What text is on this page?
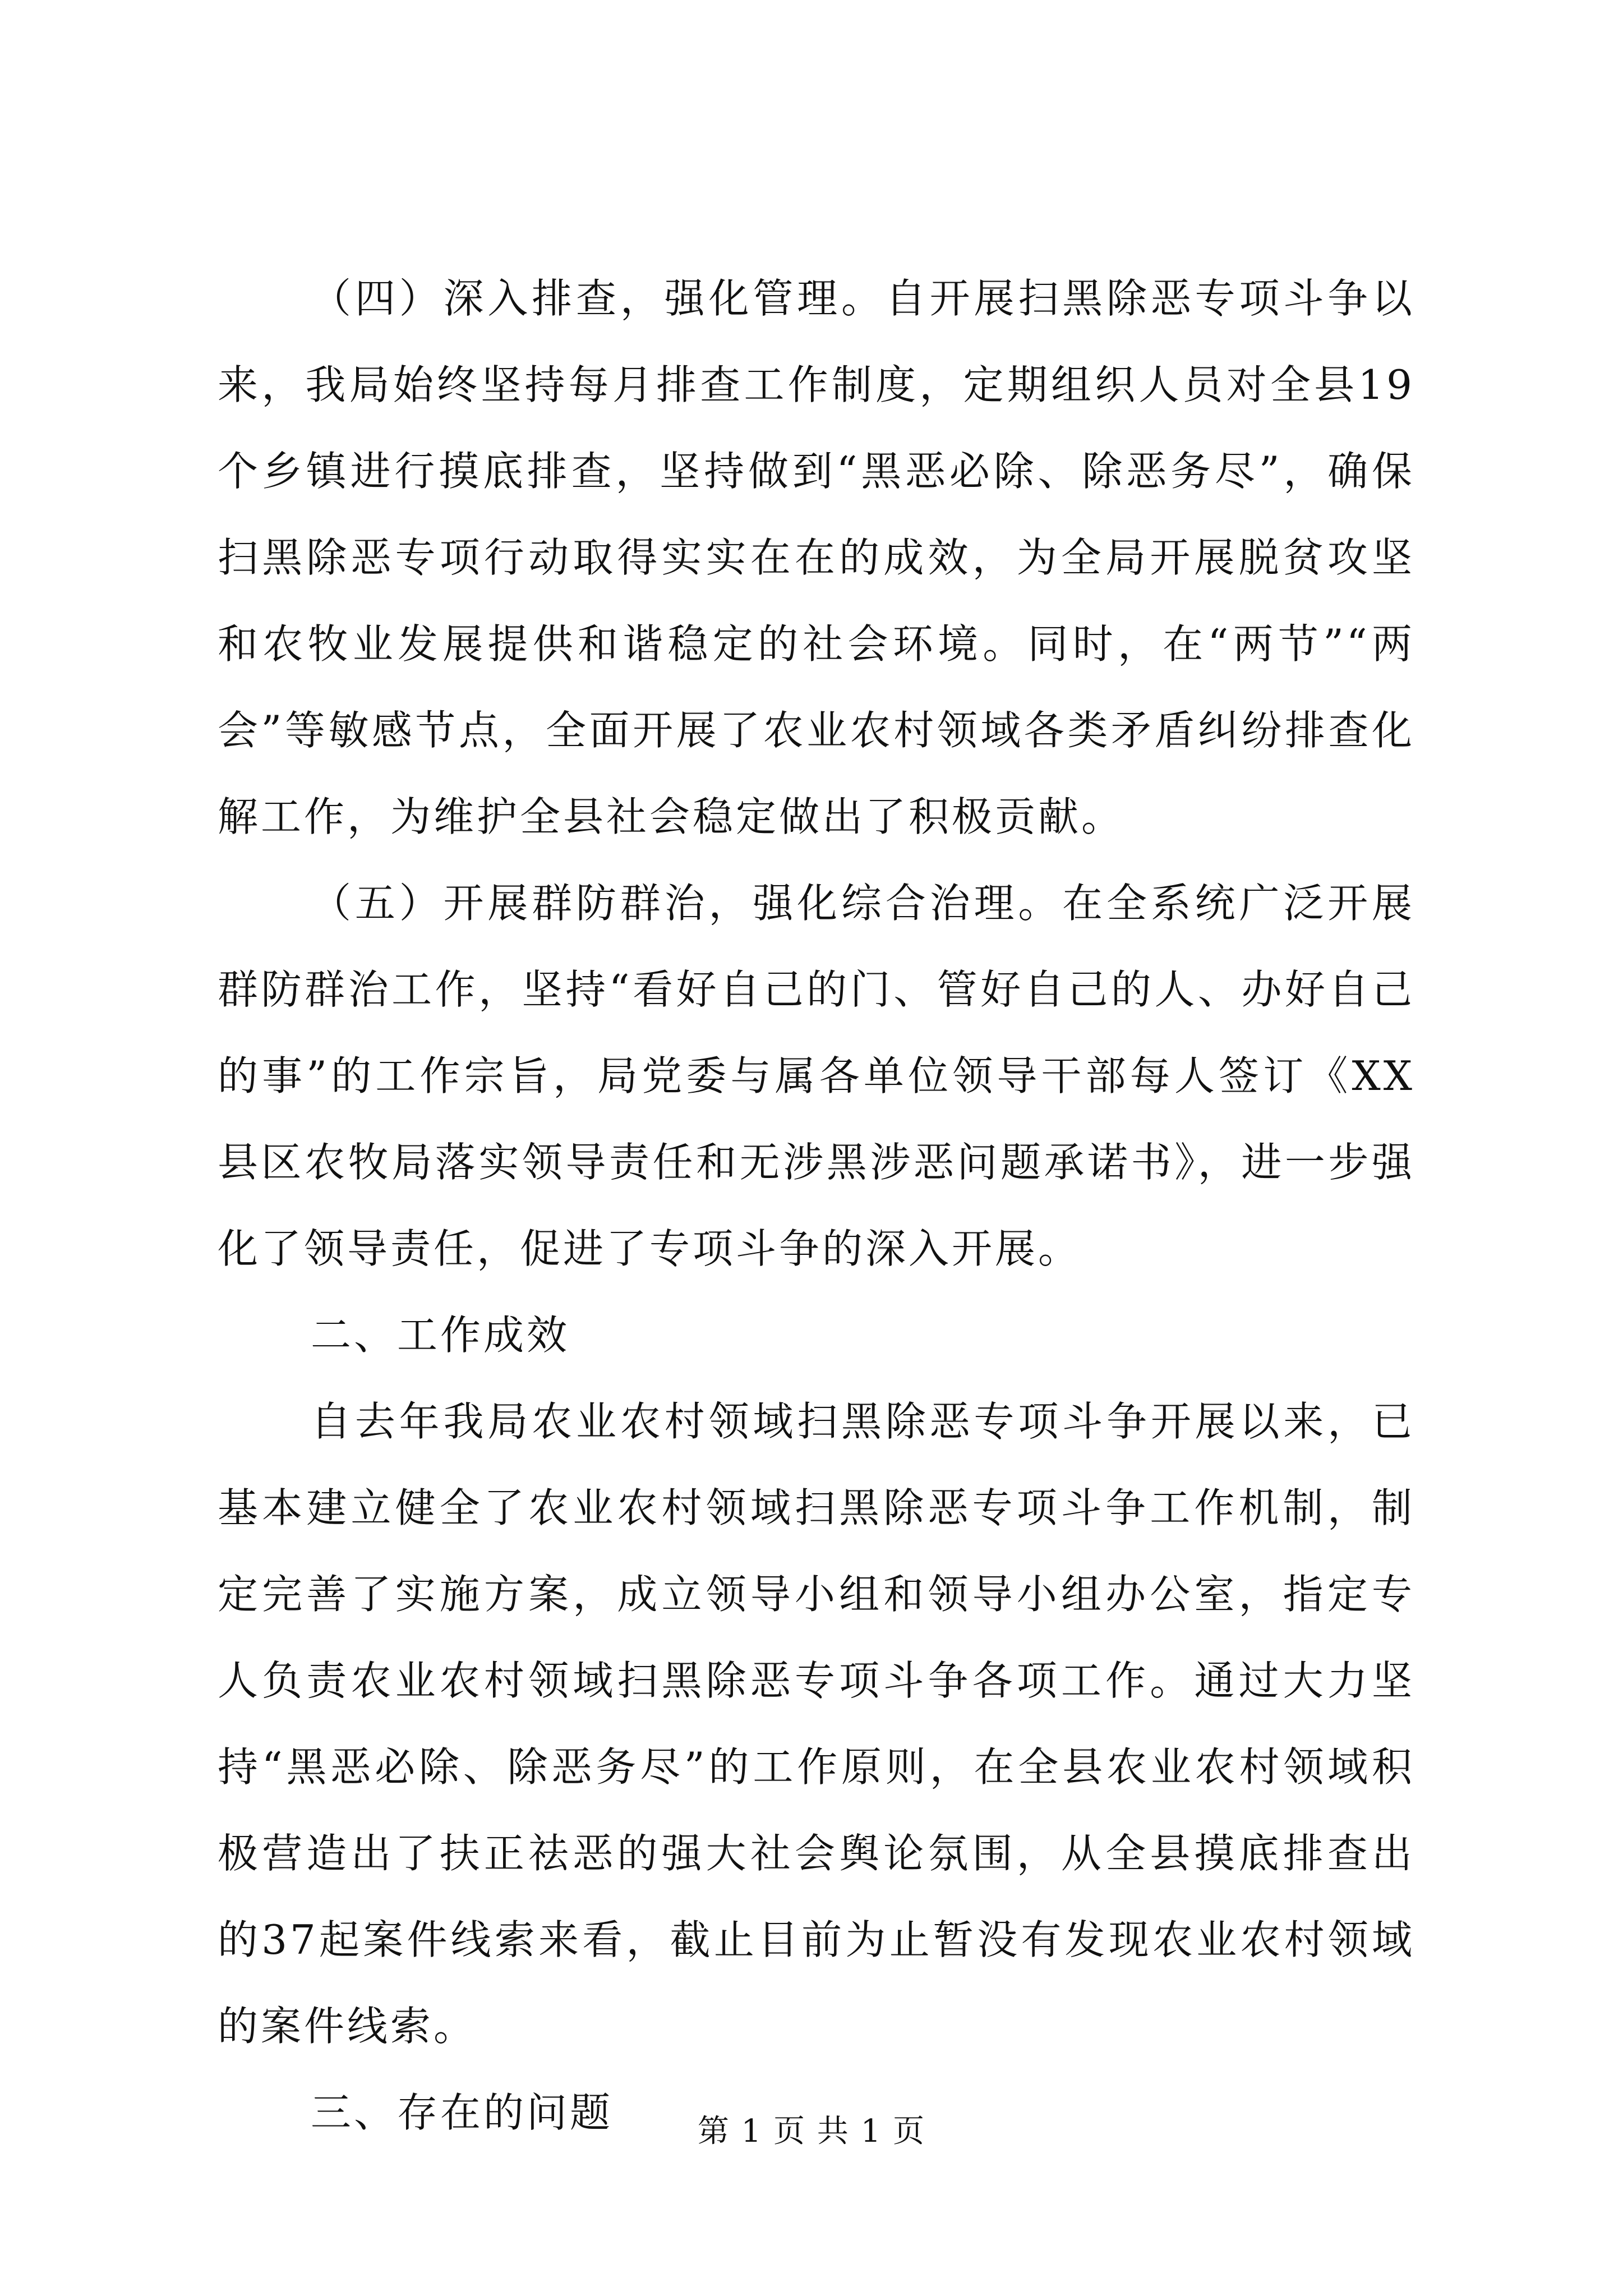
（四）深入排查，强化管理。自开展扫黑除恶专项斗争以来，我局始终坚持每月排查工作制度，定期组织人员对全县19个乡镇进行摸底排查，坚持做到“黑恶必除、除恶务尽”，确保扫黑除恶专项行动取得实实在在的成效，为全局开展脱贫攻坚和农牧业发展提供和谐稳定的社会环境。同时，在“两节”“两会”等敏感节点，全面开展了农业农村领域各类矛盾纠纷排查化解工作，为维护全县社会稳定做出了积极贡献。

（五）开展群防群治，强化综合治理。在全系统广泛开展群防群治工作，坚持“看好自己的门、管好自己的人、办好自己的事”的工作宗旨，局党委与属各单位领导干部每人签订《XX县区农牧局落实领导责任和无涉黑涉恶问题承诺书》，进一步强化了领导责任，促进了专项斗争的深入开展。

二、工作成效

自去年我局农业农村领域扫黑除恶专项斗争开展以来，已基本建立健全了农业农村领域扫黑除恶专项斗争工作机制，制定完善了实施方案，成立领导小组和领导小组办公室，指定专人负责农业农村领域扫黑除恶专项斗争各项工作。通过大力坚持“黑恶必除、除恶务尽”的工作原则，在全县农业农村领域积极营造出了扶正祛恶的强大社会舆论氛围，从全县摸底排查出的37起案件线索来看，截止目前为止暂没有发现农业农村领域的案件线索。

三、存在的问题	第 1 页 共 1 页
